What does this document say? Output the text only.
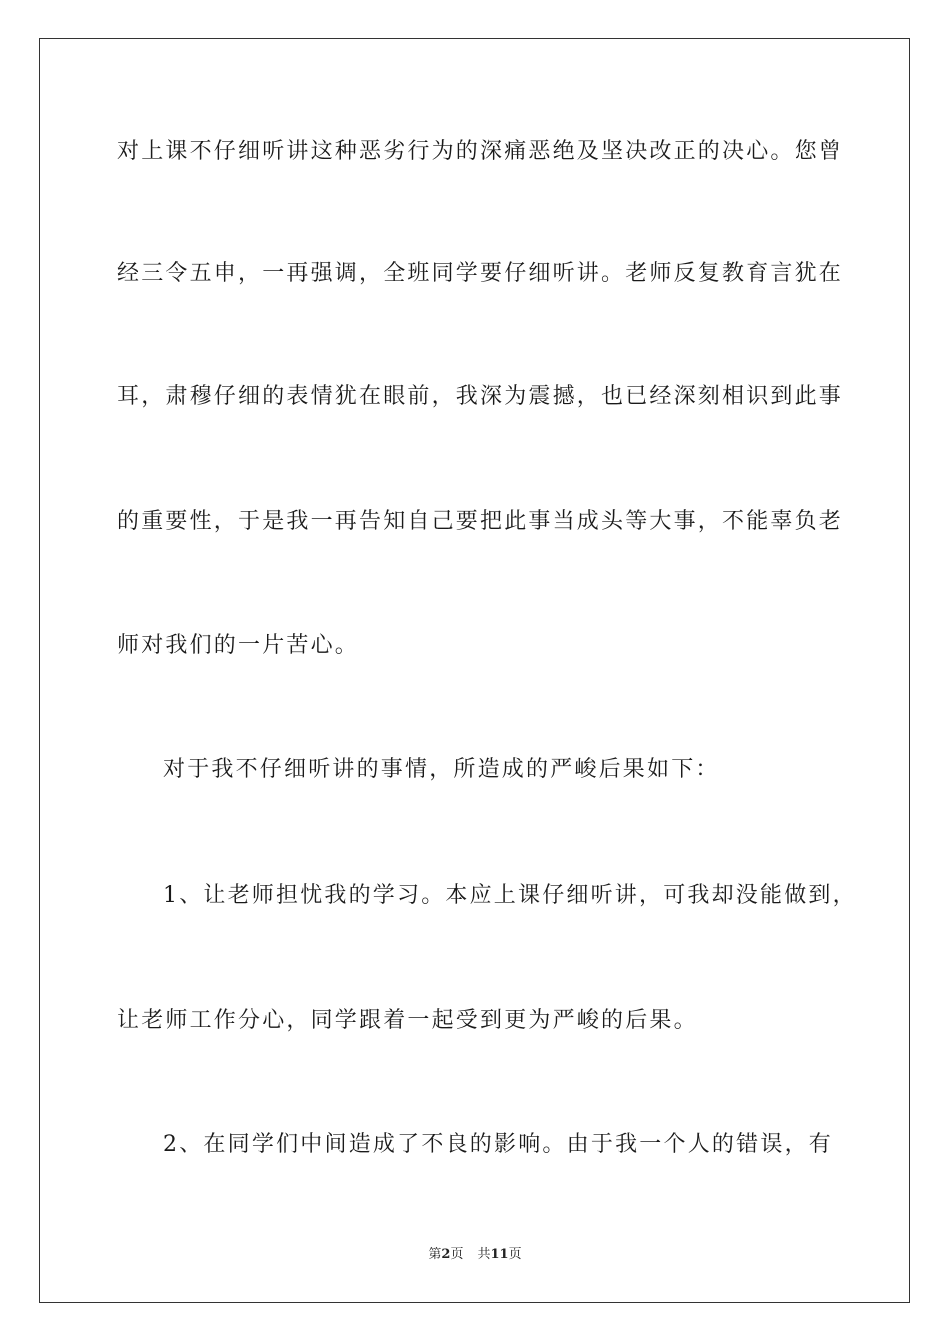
对上课不仔细听讲这种恶劣行为的深痛恶绝及坚决改正的决心。您曾
经三令五申，一再强调，全班同学要仔细听讲。老师反复教育言犹在
耳，肃穆仔细的表情犹在眼前，我深为震撼，也已经深刻相识到此事
的重要性，于是我一再告知自己要把此事当成头等大事，不能辜负老
师对我们的一片苦心。
对于我不仔细听讲的事情，所造成的严峻后果如下：
1、让老师担忧我的学习。本应上课仔细听讲，可我却没能做到，
让老师工作分心，同学跟着一起受到更为严峻的后果。
2、在同学们中间造成了不良的影响。由于我一个人的错误，有
第2页 共11页
